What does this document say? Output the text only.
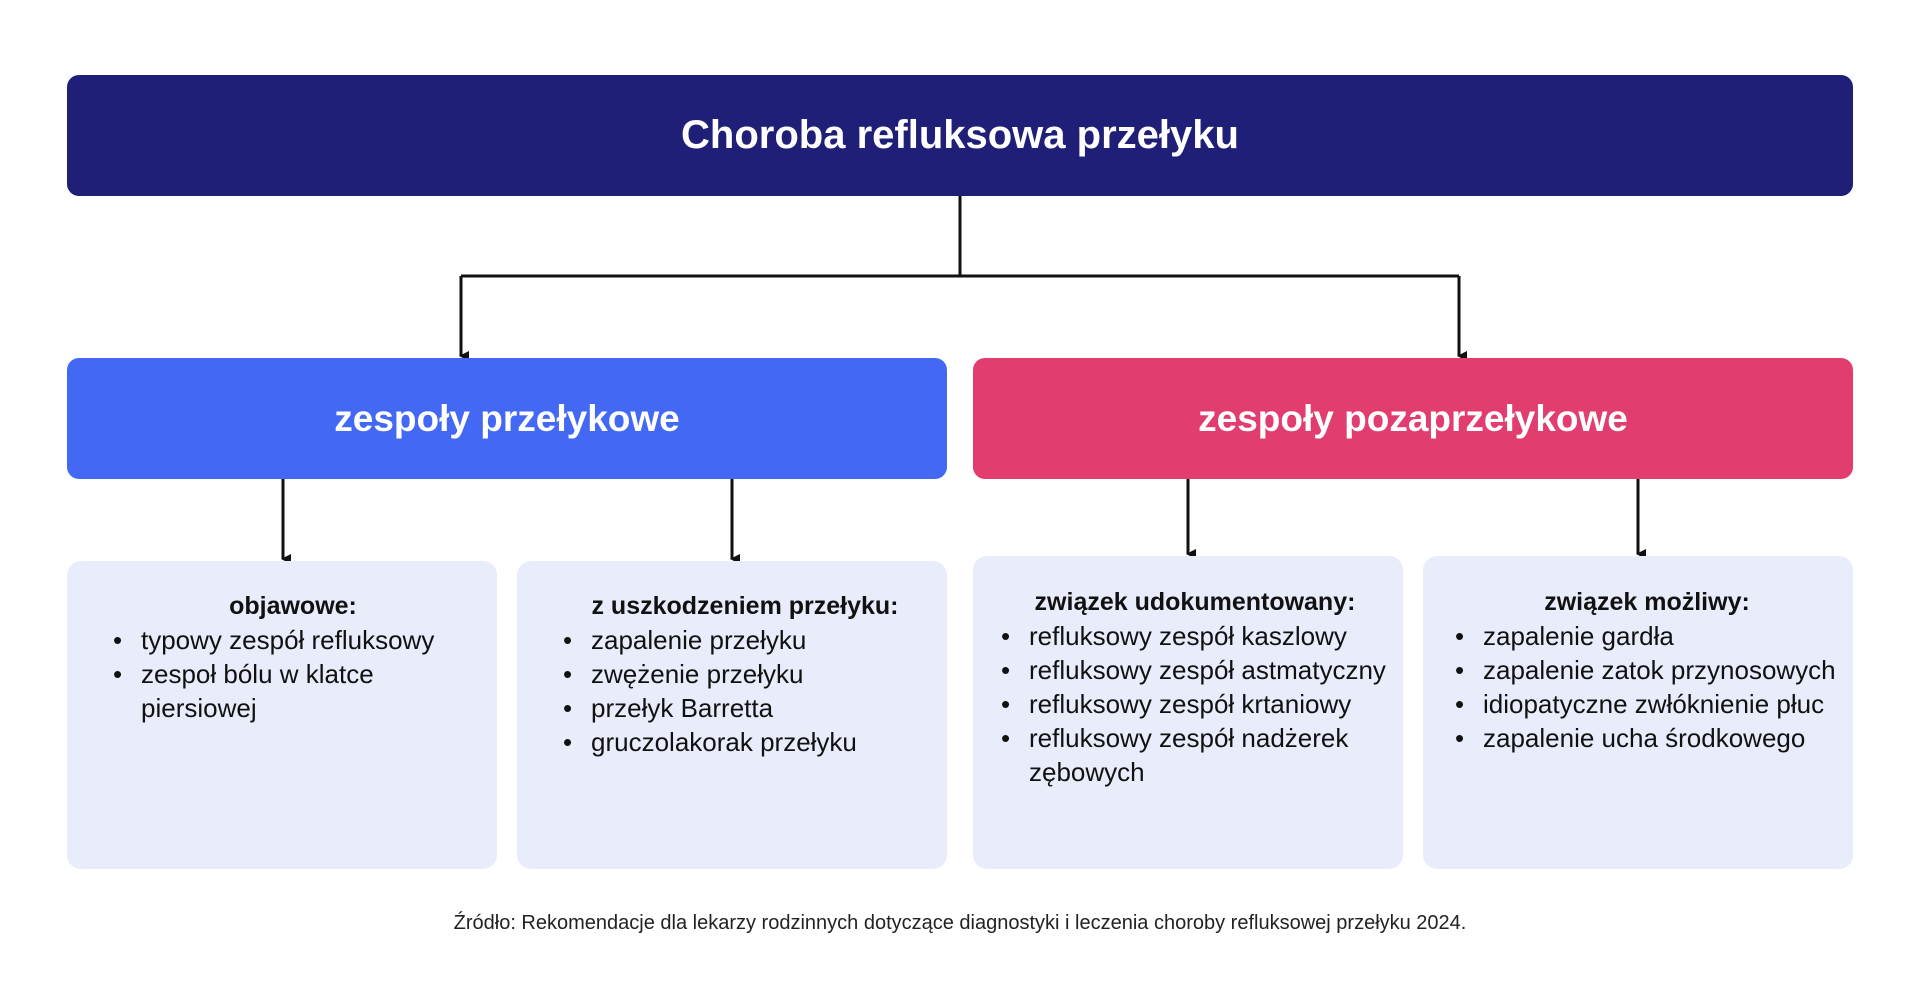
Choroba refluksowa przełyku
zespoły przełykowe	zespoły pozaprzełykowe

objawowe:

• typowy zespół refluksowy
• zespoł bólu w klatce piersiowej

z uszkodzeniem przełyku:

• zapalenie przełyku
• zwężenie przełyku
• przełyk Barretta
• gruczolakorak przełyku

związek udokumentowany:

• refluksowy zespół kaszlowy
• refluksowy zespół astmatyczny
• refluksowy zespół krtaniowy
• refluksowy zespół nadżerek zębowych

związek możliwy:

• zapalenie gardła
• zapalenie zatok przynosowych
• idiopatyczne zwłóknienie płuc
• zapalenie ucha środkowego
Źródło: Rekomendacje dla lekarzy rodzinnych dotyczące diagnostyki i leczenia choroby refluksowej przełyku 2024.
